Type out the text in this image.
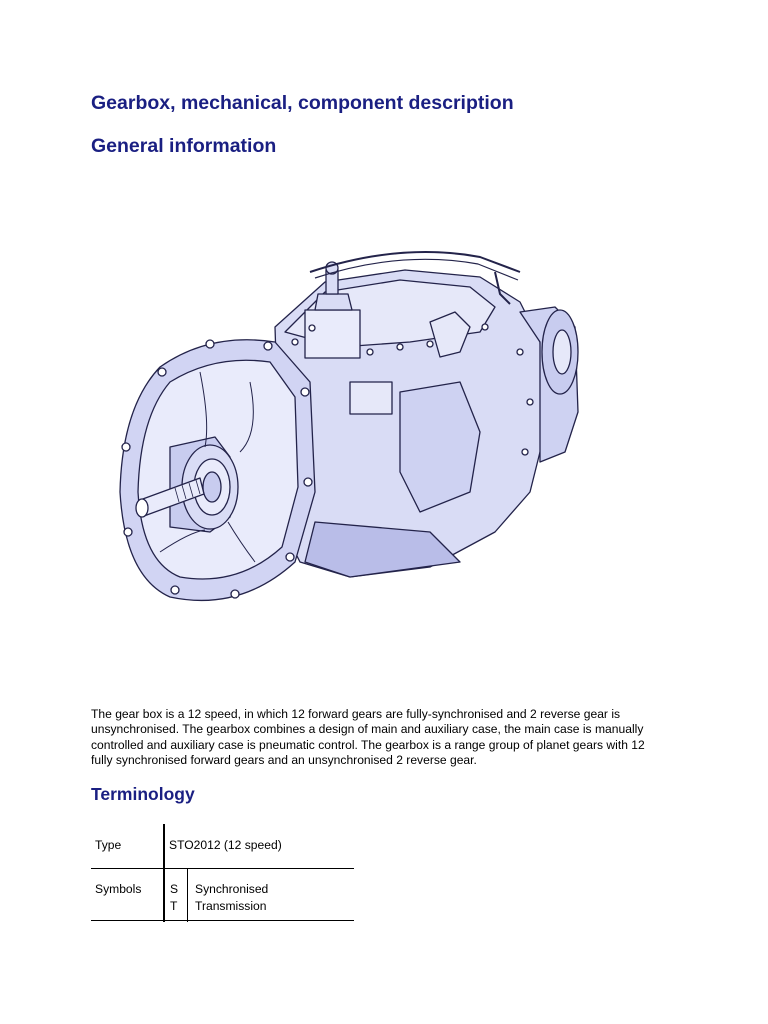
Gearbox, mechanical, component description
General information

The gear box is a 12 speed, in which 12 forward gears are fully-synchronised and 2 reverse gear is
unsynchronised. The gearbox combines a design of main and auxiliary case, the main case is manually
controlled and auxiliary case is pneumatic control. The gearbox is a range group of planet gears with 12
fully synchronised forward gears and an unsynchronised 2 reverse gear.

Terminology
Type	STO2012 (12 speed)
Symbols S
T
Synchronised
Transmission
